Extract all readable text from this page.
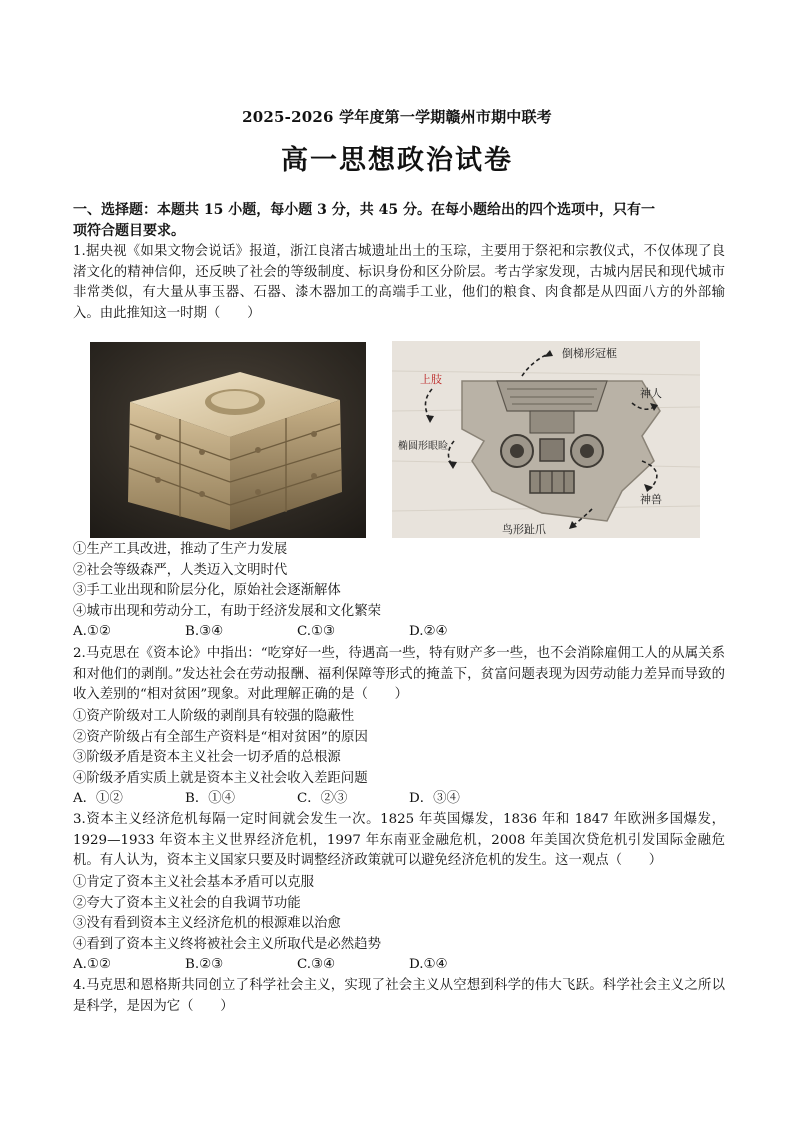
2025-2026 学年度第一学期赣州市期中联考
高一思想政治试卷
一、选择题：本题共 15 小题，每小题 3 分，共 45 分。在每小题给出的四个选项中，只有一
项符合题目要求。
1.据央视《如果文物会说话》报道，浙江良渚古城遗址出土的玉琮，主要用于祭祀和宗教仪式，不仅体现了良渚文化的精神信仰，还反映了社会的等级制度、标识身份和区分阶层。考古学家发现，古城内居民和现代城市非常类似，有大量从事玉器、石器、漆木器加工的高端手工业，他们的粮食、肉食都是从四面八方的外部输入。由此推知这一时期（　　）
倒梯形冠框
上肢
神人
椭圆形眼睑
神兽
鸟形趾爪
①生产工具改进，推动了生产力发展
②社会等级森严，人类迈入文明时代
③手工业出现和阶层分化，原始社会逐渐解体
④城市出现和劳动分工，有助于经济发展和文化繁荣
A.①②	B.③④	C.①③	D.②④
2.马克思在《资本论》中指出：“吃穿好一些，待遇高一些，特有财产多一些，也不会消除雇佣工人的从属关系和对他们的剥削。”发达社会在劳动报酬、福利保障等形式的掩盖下，贫富问题表现为因劳动能力差异而导致的收入差别的“相对贫困”现象。对此理解正确的是（　　）
①资产阶级对工人阶级的剥削具有较强的隐蔽性
②资产阶级占有全部生产资料是“相对贫困”的原因
③阶级矛盾是资本主义社会一切矛盾的总根源
④阶级矛盾实质上就是资本主义社会收入差距问题
A．①②	B．①④	C．②③	D．③④
3.资本主义经济危机每隔一定时间就会发生一次。1825 年英国爆发，1836 年和 1847 年欧洲多国爆发，1929—1933 年资本主义世界经济危机，1997 年东南亚金融危机，2008 年美国次贷危机引发国际金融危机。有人认为，资本主义国家只要及时调整经济政策就可以避免经济危机的发生。这一观点（　　）
①肯定了资本主义社会基本矛盾可以克服
②夸大了资本主义社会的自我调节功能
③没有看到资本主义经济危机的根源难以治愈
④看到了资本主义终将被社会主义所取代是必然趋势
A.①②	B.②③	C.③④	D.①④
4.马克思和恩格斯共同创立了科学社会主义，实现了社会主义从空想到科学的伟大飞跃。科学社会主义之所以是科学，是因为它（　　）
